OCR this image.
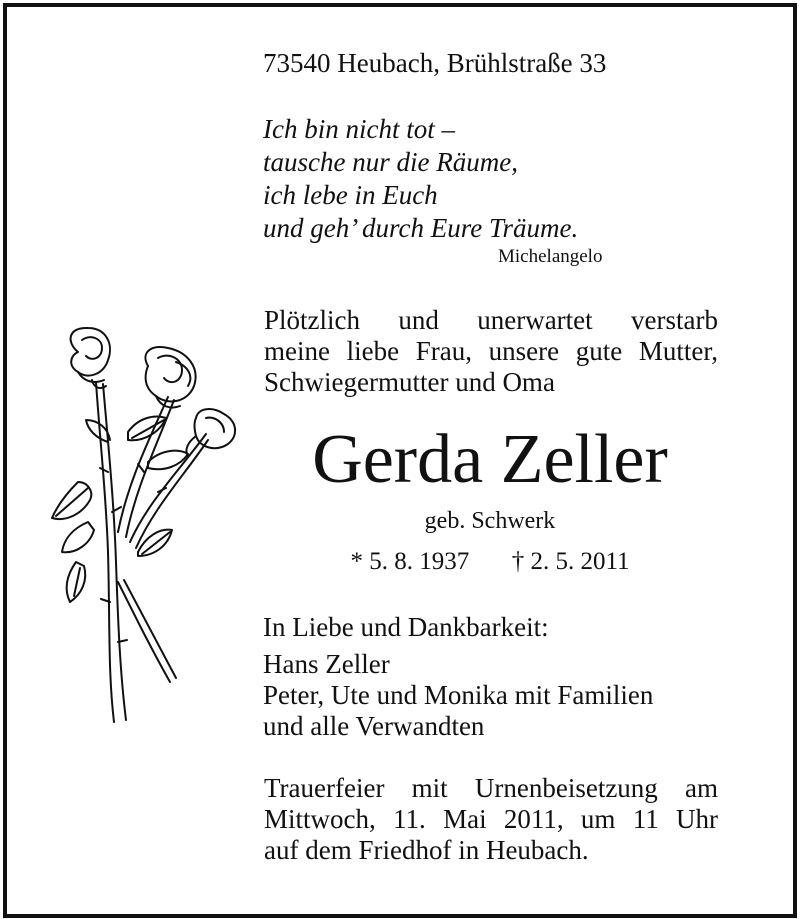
73540 Heubach, Brühlstraße 33
Ich bin nicht tot –
tausche nur die Räume,
ich lebe in Euch
und geh’ durch Eure Träume.
Michelangelo
Plötzlich und unerwartet verstarb
meine liebe Frau, unsere gute Mutter,
Schwiegermutter und Oma
Gerda Zeller
geb. Schwerk
* 5. 8. 1937 † 2. 5. 2011
In Liebe und Dankbarkeit:
Hans Zeller
Peter, Ute und Monika mit Familien
und alle Verwandten
Trauerfeier mit Urnenbeisetzung am
Mittwoch, 11. Mai 2011, um 11 Uhr
auf dem Friedhof in Heubach.
